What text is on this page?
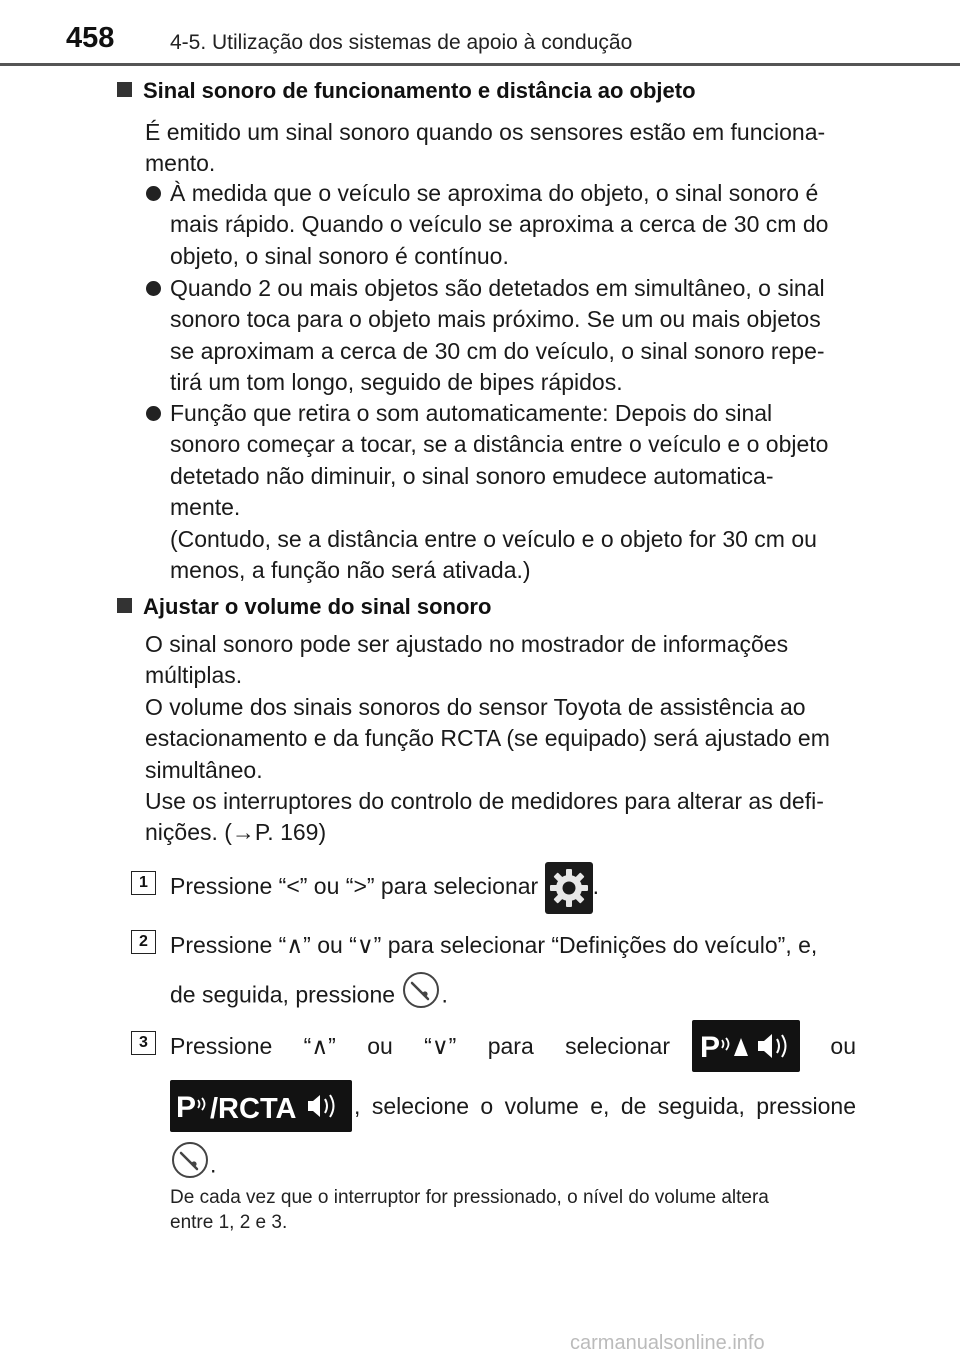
458	4-5. Utilização dos sistemas de apoio à condução
Sinal sonoro de funcionamento e distância ao objeto
É emitido um sinal sonoro quando os sensores estão em funciona-
mento.
À medida que o veículo se aproxima do objeto, o sinal sonoro é
mais rápido. Quando o veículo se aproxima a cerca de 30 cm do
objeto, o sinal sonoro é contínuo.
Quando 2 ou mais objetos são detetados em simultâneo, o sinal
sonoro toca para o objeto mais próximo. Se um ou mais objetos
se aproximam a cerca de 30 cm do veículo, o sinal sonoro repe-
tirá um tom longo, seguido de bipes rápidos.
Função que retira o som automaticamente: Depois do sinal
sonoro começar a tocar, se a distância entre o veículo e o objeto
detetado não diminuir, o sinal sonoro emudece automatica-
mente.
(Contudo, se a distância entre o veículo e o objeto for 30 cm ou
menos, a função não será ativada.)
Ajustar o volume do sinal sonoro
O sinal sonoro pode ser ajustado no mostrador de informações
múltiplas.
O volume dos sinais sonoros do sensor Toyota de assistência ao
estacionamento e da função RCTA (se equipado) será ajustado em
simultâneo.
Use os interruptores do controlo de medidores para alterar as defi-
nições. (→P. 169)
1 Pressione “<” ou “>” para selecionar .
2 Pressione “∧” ou “∨” para selecionar “Definições do veículo”, e,
de seguida, pressione .
3 Pressione “∧” ou “∨” para selecionar P	ou
P /RCTA	, selecione o volume e, de seguida, pressione
.
De cada vez que o interruptor for pressionado, o nível do volume altera
entre 1, 2 e 3.
carmanualsonline.info
